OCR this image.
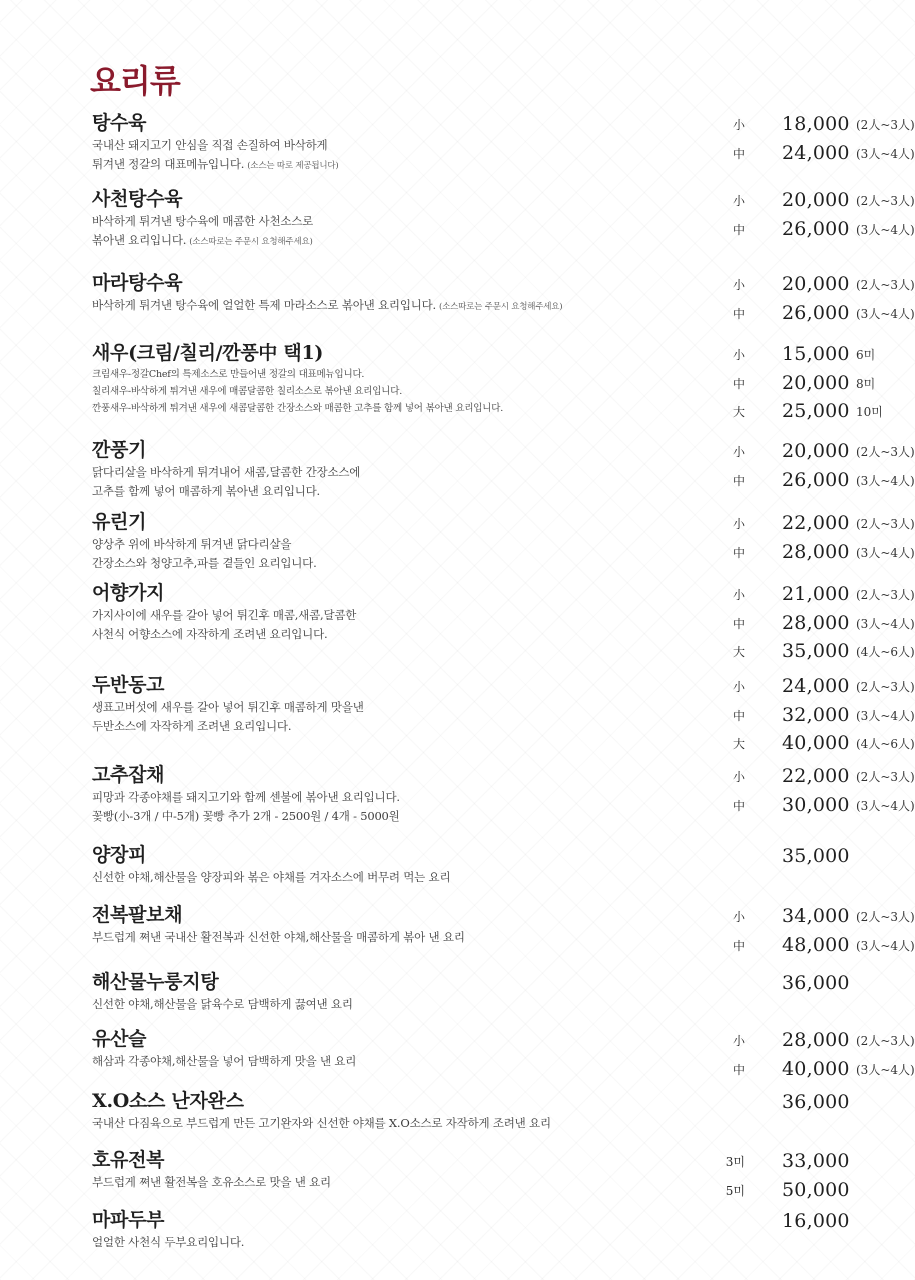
요리류
탕수육
국내산 돼지고기 안심을 직접 손질하여 바삭하게
튀겨낸 정갈의 대표메뉴입니다. (소스는 따로 제공됩니다)
小 18,000 (2人~3人)
中 24,000 (3人~4人)
사천탕수육
바삭하게 튀겨낸 탕수육에 매콤한 사천소스로
볶아낸 요리입니다. (소스따로는 주문시 요청해주세요)
小 20,000 (2人~3人)
中 26,000 (3人~4人)
마라탕수육
바삭하게 튀겨낸 탕수육에 얼얼한 특제 마라소스로 볶아낸 요리입니다. (소스따로는 주문시 요청해주세요)
小 20,000 (2人~3人)
中 26,000 (3人~4人)
새우(크림/칠리/깐풍中 택1)
크림새우-정갈Chef의 특제소스로 만들어낸 정갈의 대표메뉴입니다.
칠리새우-바삭하게 튀겨낸 새우에 매콤달콤한 칠리소스로 볶아낸 요리입니다.
깐풍새우-바삭하게 튀겨낸 새우에 새콤달콤한 간장소스와 매콤한 고추를 함께 넣어 볶아낸 요리입니다.
小 15,000 6미
中 20,000 8미
大 25,000 10미
깐풍기
닭다리살을 바삭하게 튀겨내어 새콤,달콤한 간장소스에
고추를 함께 넣어 매콤하게 볶아낸 요리입니다.
小 20,000 (2人~3人)
中 26,000 (3人~4人)
유린기
양상추 위에 바삭하게 튀겨낸 닭다리살을
간장소스와 청양고추,파를 곁들인 요리입니다.
小 22,000 (2人~3人)
中 28,000 (3人~4人)
어향가지
가지사이에 새우를 갈아 넣어 튀긴후 매콤,새콤,달콤한
사천식 어향소스에 자작하게 조려낸 요리입니다.
小 21,000 (2人~3人)
中 28,000 (3人~4人)
大 35,000 (4人~6人)
두반동고
생표고버섯에 새우를 갈아 넣어 튀긴후 매콤하게 맛을낸
두반소스에 자작하게 조려낸 요리입니다.
小 24,000 (2人~3人)
中 32,000 (3人~4人)
大 40,000 (4人~6人)
고추잡채
피망과 각종야채를 돼지고기와 함께 센불에 볶아낸 요리입니다.
꽃빵(小-3개 / 中-5개) 꽃빵 추가 2개 - 2500원 / 4개 - 5000원
小 22,000 (2人~3人)
中 30,000 (3人~4人)
양장피
신선한 야채,해산물을 양장피와 볶은 야채를 겨자소스에 버무려 먹는 요리
35,000
전복팔보채
부드럽게 쪄낸 국내산 활전복과 신선한 야채,해산물을 매콤하게 볶아 낸 요리
小 34,000 (2人~3人)
中 48,000 (3人~4人)
해산물누룽지탕
신선한 야채,해산물을 닭육수로 담백하게 끓여낸 요리
36,000
유산슬
해삼과 각종야채,해산물을 넣어 담백하게 맛을 낸 요리
小 28,000 (2人~3人)
中 40,000 (3人~4人)
X.O소스 난자완스
국내산 다짐육으로 부드럽게 만든 고기완자와 신선한 야채를 X.O소스로 자작하게 조려낸 요리
36,000
호유전복
부드럽게 쪄낸 활전복을 호유소스로 맛을 낸 요리
3미 33,000
5미 50,000
마파두부
얼얼한 사천식 두부요리입니다.
16,000
